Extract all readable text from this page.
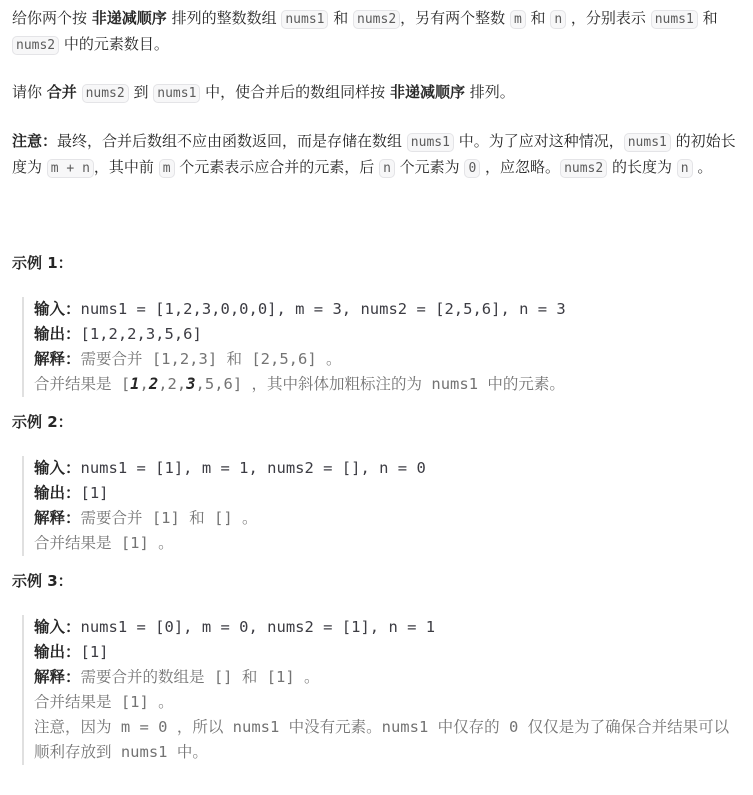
给你两个按 非递减顺序 排列的整数数组 nums1 和 nums2 ，另有两个整数 m 和 n ，分别表示 nums1 和 nums2 中的元素数目。

请你 合并 nums2 到 nums1 中，使合并后的数组同样按 非递减顺序 排列。

注意：最终，合并后数组不应由函数返回，而是存储在数组 nums1 中。为了应对这种情况， nums1 的初始长度为 m + n ，其中前 m 个元素表示应合并的元素，后 n 个元素为 0 ，应忽略。 nums2 的长度为 n 。

示例 1：
输入：nums1 = [1,2,3,0,0,0], m = 3, nums2 = [2,5,6], n = 3
输出：[1,2,2,3,5,6]
解释：需要合并 [1,2,3] 和 [2,5,6] 。
合并结果是 [1,2,2,3,5,6] ，其中斜体加粗标注的为 nums1 中的元素。
示例 2：
输入：nums1 = [1], m = 1, nums2 = [], n = 0
输出：[1]
解释：需要合并 [1] 和 [] 。
合并结果是 [1] 。
示例 3：
输入：nums1 = [0], m = 0, nums2 = [1], n = 1
输出：[1]
解释：需要合并的数组是 [] 和 [1] 。
合并结果是 [1] 。
注意，因为 m = 0 ，所以 nums1 中没有元素。nums1 中仅存的 0 仅仅是为了确保合并结果可以顺利存放到 nums1 中。
